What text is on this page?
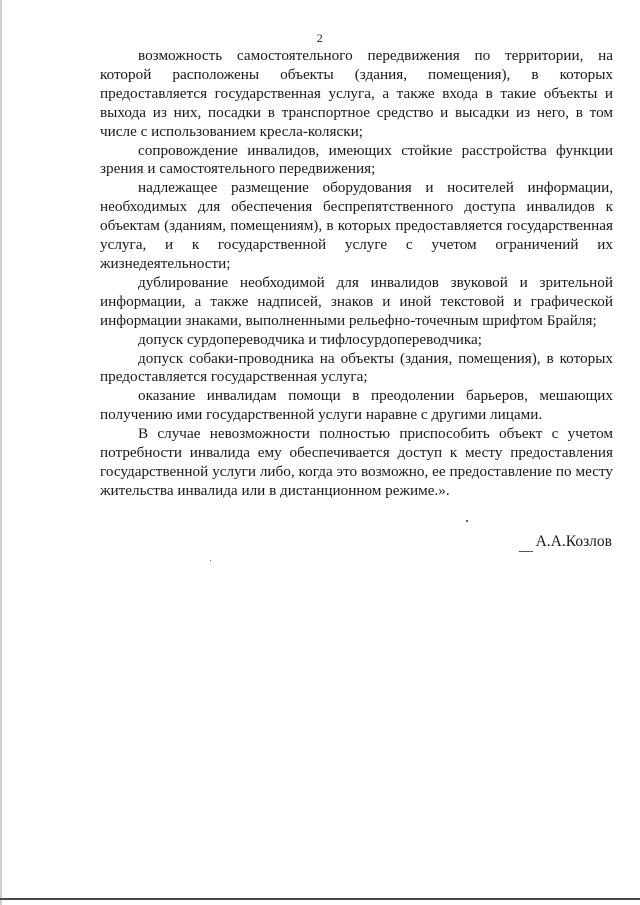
2

возможность самостоятельного передвижения по территории, на которой расположены объекты (здания, помещения), в которых предоставляется государственная услуга, а также входа в такие объекты и выхода из них, посадки в транспортное средство и высадки из него, в том числе с использованием кресла-коляски;

сопровождение инвалидов, имеющих стойкие расстройства функции зрения и самостоятельного передвижения;

надлежащее размещение оборудования и носителей информации, необходимых для обеспечения беспрепятственного доступа инвалидов к объектам (зданиям, помещениям), в которых предоставляется государственная услуга, и к государственной услуге с учетом ограничений их жизнедеятельности;

дублирование необходимой для инвалидов звуковой и зрительной информации, а также надписей, знаков и иной текстовой и графической информации знаками, выполненными рельефно-точечным шрифтом Брайля;

допуск сурдопереводчика и тифлосурдопереводчика;

допуск собаки-проводника на объекты (здания, помещения), в которых предоставляется государственная услуга;

оказание инвалидам помощи в преодолении барьеров, мешающих получению ими государственной услуги наравне с другими лицами.

В случае невозможности полностью приспособить объект с учетом потребности инвалида ему обеспечивается доступ к месту предоставления государственной услуги либо, когда это возможно, ее предоставление по месту жительства инвалида или в дистанционном режиме.».

А.А.Козлов
